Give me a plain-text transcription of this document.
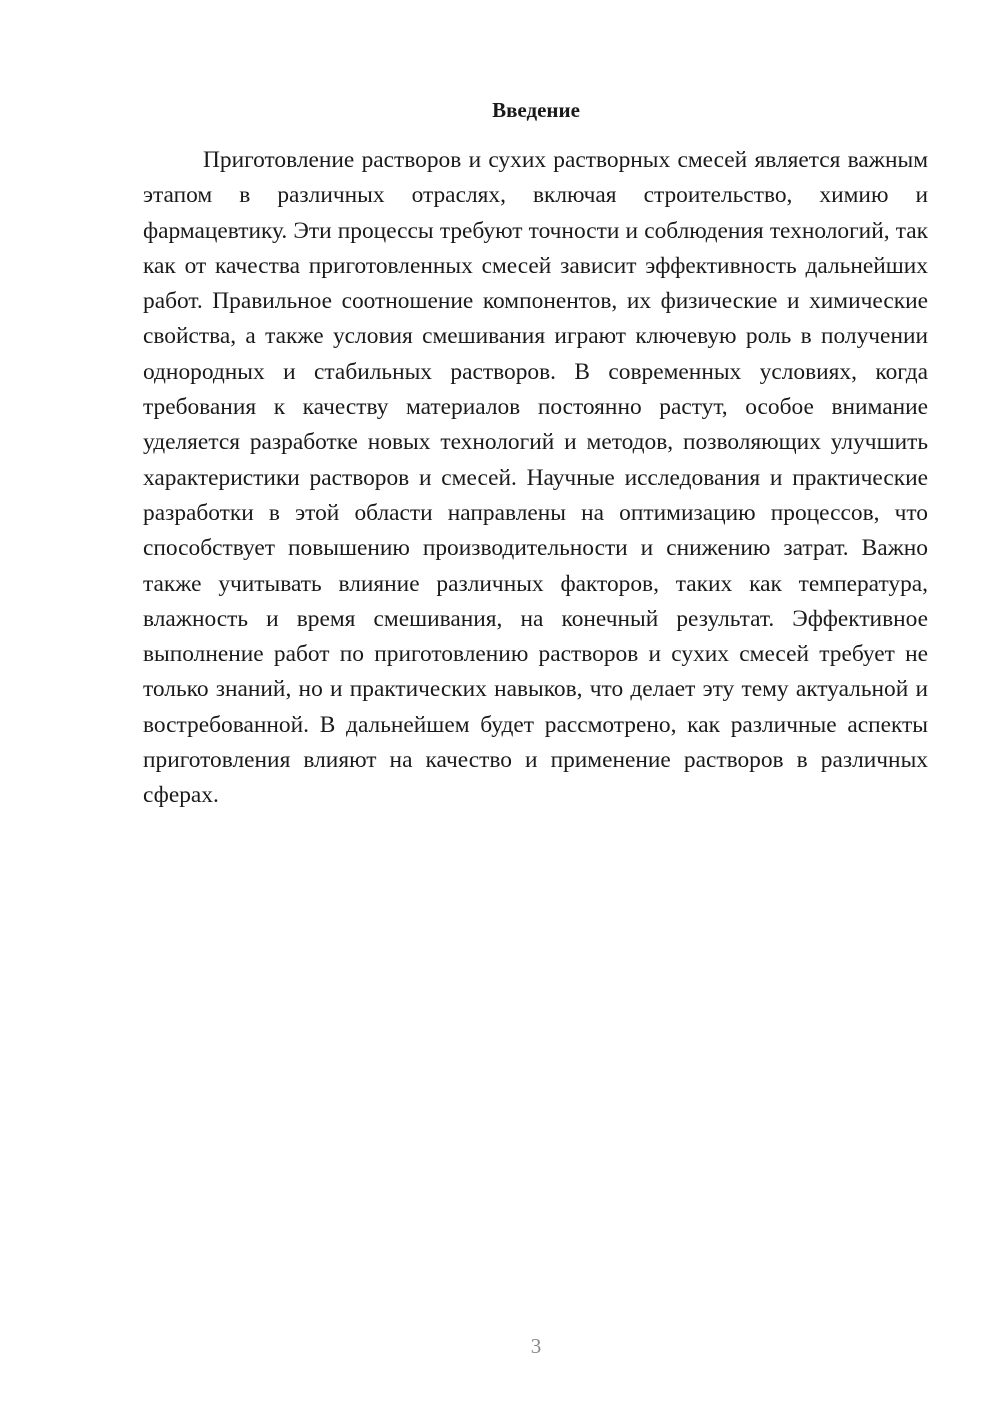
Введение

Приготовление растворов и сухих растворных смесей является важным этапом в различных отраслях, включая строительство, химию и фармацевтику. Эти процессы требуют точности и соблюдения технологий, так как от качества приготовленных смесей зависит эффективность дальнейших работ. Правильное соотношение компонентов, их физические и химические свойства, а также условия смешивания играют ключевую роль в получении однородных и стабильных растворов. В современных условиях, когда требования к качеству материалов постоянно растут, особое внимание уделяется разработке новых технологий и методов, позволяющих улучшить характеристики растворов и смесей. Научные исследования и практические разработки в этой области направлены на оптимизацию процессов, что способствует повышению производительности и снижению затрат. Важно также учитывать влияние различных факторов, таких как температура, влажность и время смешивания, на конечный результат. Эффективное выполнение работ по приготовлению растворов и сухих смесей требует не только знаний, но и практических навыков, что делает эту тему актуальной и востребованной. В дальнейшем будет рассмотрено, как различные аспекты приготовления влияют на качество и применение растворов в различных сферах.

3
